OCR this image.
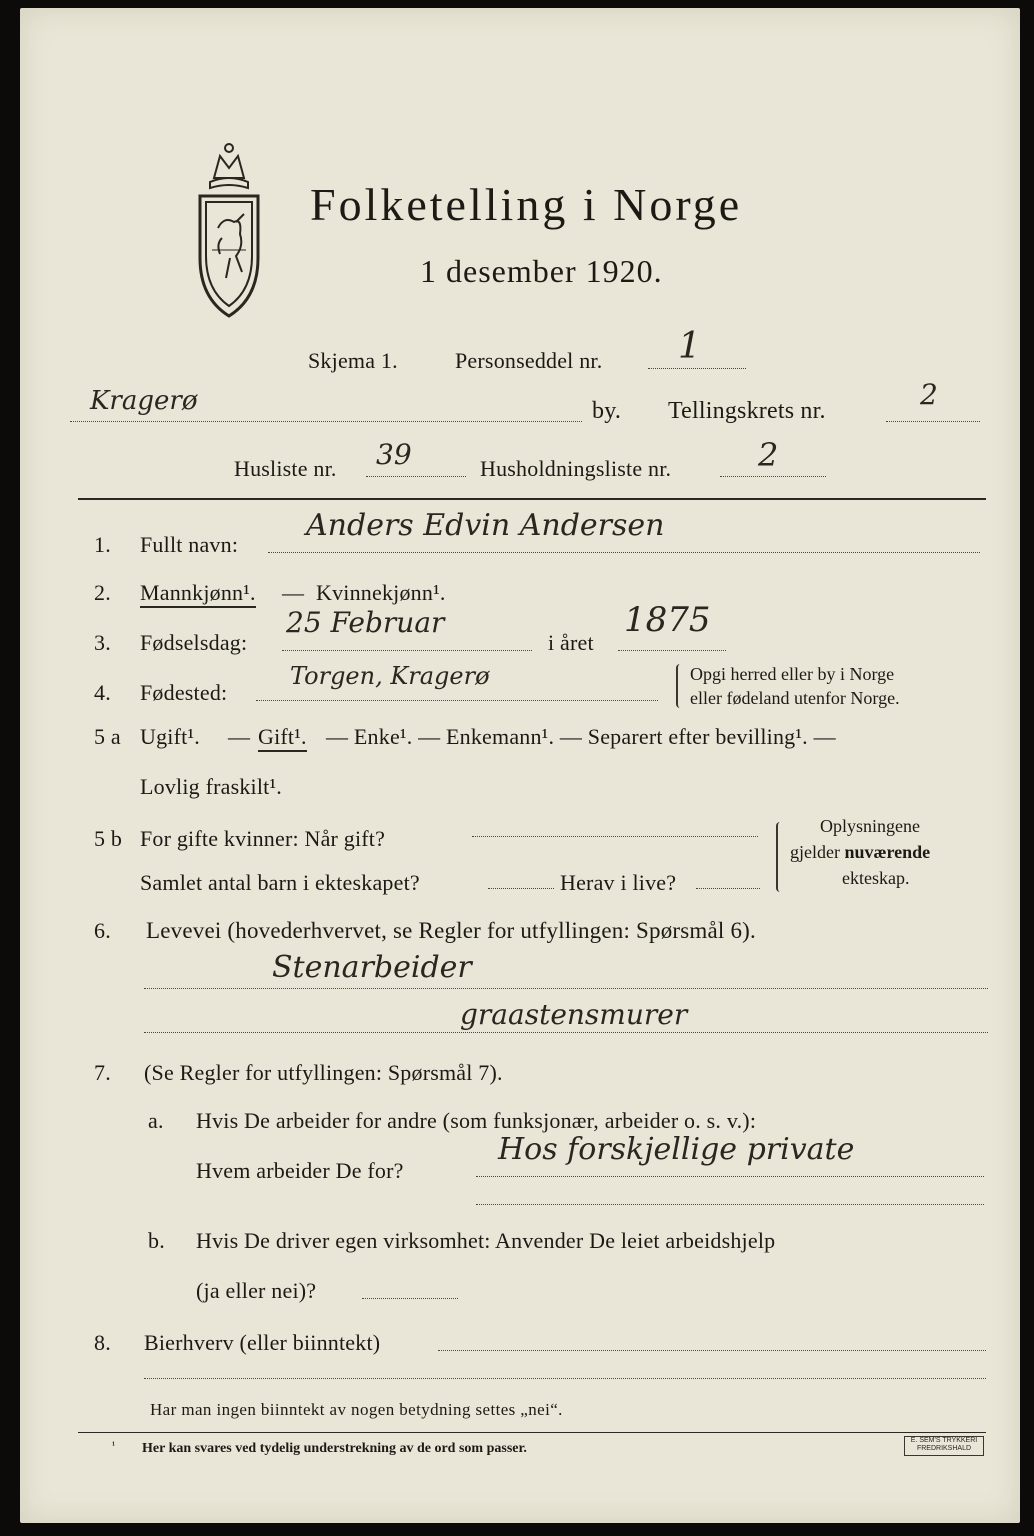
Folketelling i Norge
1 desember 1920.
Skjema 1.	Personseddel nr. 1
Kragerø	by. Tellingskrets nr.	2
Husliste nr. 39	Husholdningsliste nr.	2
1. Fullt navn:
Anders Edvin Andersen
2. Mannkjønn¹. — Kvinnekjønn¹.
3. Fødselsdag:
25 Februar
i året
1875
4. Fødested:
Torgen, Kragerø	Opgi herred eller by i Norge
eller fødeland utenfor Norge.
5 a Ugift¹. — Gift¹. — Enke¹. — Enkemann¹. — Separert efter bevilling¹. —
Lovlig fraskilt¹.
5 b For gifte kvinner: Når gift?
Samlet antal barn i ekteskapet?	Herav i live?
Oplysningene
gjelder nuværende
ekteskap.
6. Levevei (hovederhvervet, se Regler for utfyllingen: Spørsmål 6).
Stenarbeider
graastensmurer
7. (Se Regler for utfyllingen: Spørsmål 7).
a. Hvis De arbeider for andre (som funksjonær, arbeider o. s. v.):
Hvem arbeider De for?
Hos forskjellige private
b. Hvis De driver egen virksomhet: Anvender De leiet arbeidshjelp
(ja eller nei)?
8. Bierhverv (eller biinntekt)
Har man ingen biinntekt av nogen betydning settes „nei“.
¹ Her kan svares ved tydelig understrekning av de ord som passer.
E. SEM'S TRYKKERI
FREDRIKSHALD
